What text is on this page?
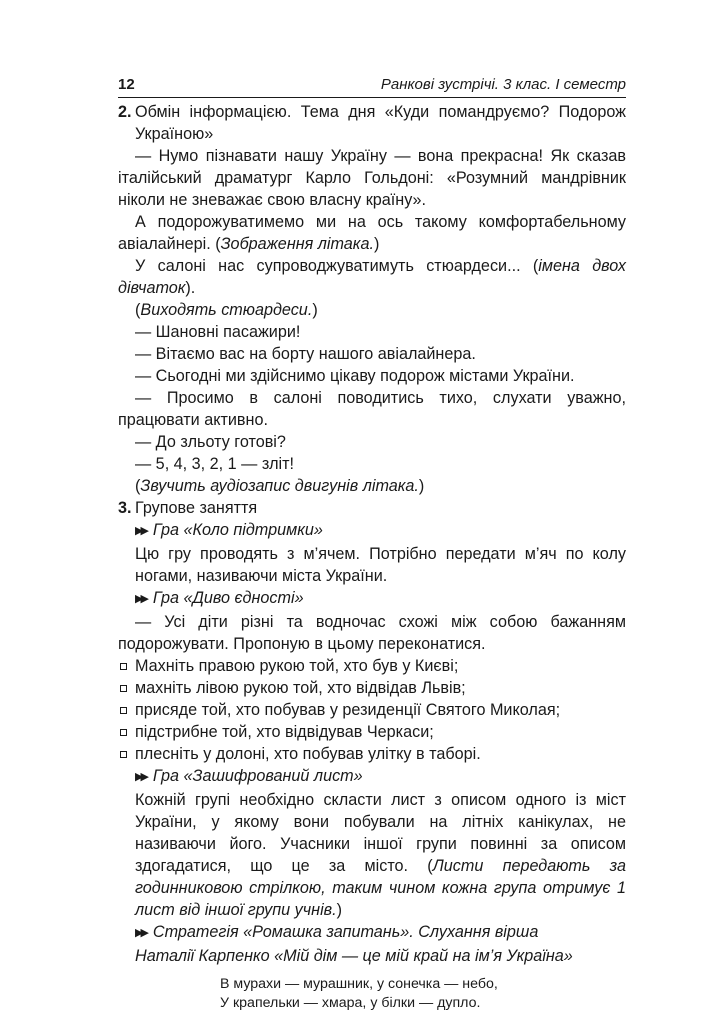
12	Ранкові зустрічі. 3 клас. І семестр

2. Обмін інформацією. Тема дня «Куди помандруємо? Подорож Україною»

— Нумо пізнавати нашу Україну — вона прекрасна! Як сказав італійський драматург Карло Гольдоні: «Розумний мандрівник ніколи не зневажає свою власну країну».

А подорожуватимемо ми на ось такому комфортабельному авіалайнері. (Зображення літака.)

У салоні нас супроводжуватимуть стюардеси... (імена двох дівчаток).

(Виходять стюардеси.)

— Шановні пасажири!

— Вітаємо вас на борту нашого авіалайнера.

— Сьогодні ми здійснимо цікаву подорож містами України.

— Просимо в салоні поводитись тихо, слухати уважно, працювати активно.

— До зльоту готові?

— 5, 4, 3, 2, 1 — зліт!

(Звучить аудіозапис двигунів літака.)

3. Групове заняття

▶▶ Гра «Коло підтримки»

Цю гру проводять з м’ячем. Потрібно передати м’яч по колу ногами, називаючи міста України.

▶▶ Гра «Диво єдності»

— Усі діти різні та водночас схожі між собою бажанням подорожувати. Пропоную в цьому переконатися.

Махніть правою рукою той, хто був у Києві;
махніть лівою рукою той, хто відвідав Львів;
присяде той, хто побував у резиденції Святого Миколая;
підстрибне той, хто відвідував Черкаси;
плесніть у долоні, хто побував улітку в таборі.

▶▶ Гра «Зашифрований лист»

Кожній групі необхідно скласти лист з описом одного із міст України, у якому вони побували на літніх канікулах, не називаючи його. Учасники іншої групи повинні за описом здогадатися, що це за місто. (Листи передають за годинниковою стрілкою, таким чином кожна група отримує 1 лист від іншої групи учнів.)

▶▶ Стратегія «Ромашка запитань». Слухання вірша
Наталії Карпенко «Мій дім — це мій край на ім’я Україна»

В мурахи — мурашник, у сонечка — небо,
У крапельки — хмара, у білки — дупло.
